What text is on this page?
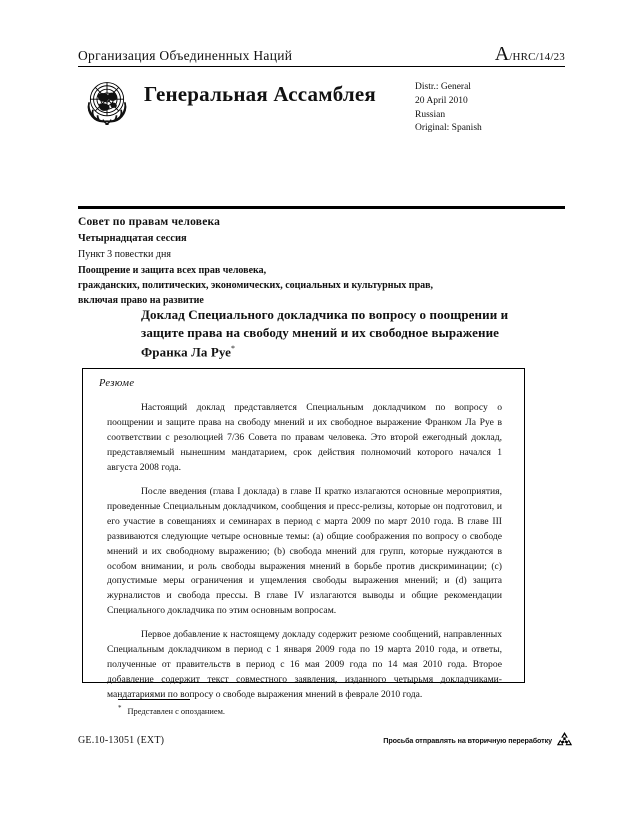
Организация Объединенных Наций	A/HRC/14/23
Генеральная Ассамблея	Distr.: General
20 April 2010
Russian
Original: Spanish
Совет по правам человека
Четырнадцатая сессия
Пункт 3 повестки дня
Поощрение и защита всех прав человека,
гражданских, политических, экономических, социальных и культурных прав,
включая право на развитие
Доклад Специального докладчика по вопросу о поощрении и защите права на свободу мнений и их свободное выражение Франка Ла Руе*
Резюме

Настоящий доклад представляется Специальным докладчиком по вопросу о поощрении и защите права на свободу мнений и их свободное выражение Франком Ла Руе в соответствии с резолюцией 7/36 Совета по правам человека. Это второй ежегодный доклад, представляемый нынешним мандатарием, срок действия полномочий которого начался 1 августа 2008 года.

После введения (глава I доклада) в главе II кратко излагаются основные мероприятия, проведенные Специальным докладчиком, сообщения и пресс-релизы, которые он подготовил, и его участие в совещаниях и семинарах в период с марта 2009 по март 2010 года. В главе III развиваются следующие четыре основные темы: (a) общие соображения по вопросу о свободе мнений и их свободному выражению; (b) свобода мнений для групп, которые нуждаются в особом внимании, и роль свободы выражения мнений в борьбе против дискриминации; (c) допустимые меры ограничения и ущемления свободы выражения мнений; и (d) защита журналистов и свобода прессы. В главе IV излагаются выводы и общие рекомендации Специального докладчика по этим основным вопросам.

Первое добавление к настоящему докладу содержит резюме сообщений, направленных Специальным докладчиком в период с 1 января 2009 года по 19 марта 2010 года, и ответы, полученные от правительств в период с 16 мая 2009 года по 14 мая 2010 года. Второе добавление содержит текст совместного заявления, изданного четырьмя докладчиками-мандатариями по вопросу о свободе выражения мнений в феврале 2010 года.

* Представлен с опозданием.
GE.10-13051 (EXT)	Просьба отправлять на вторичную переработку
